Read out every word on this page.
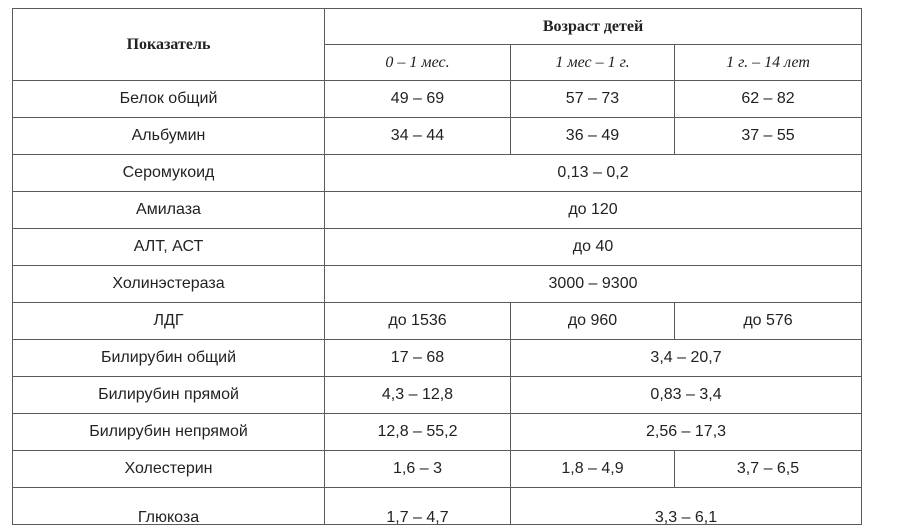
Показатель	Возраст детей		
	0 – 1 мес.	1 мес – 1 г.	1 г. – 14 лет
Белок общий	49 – 69	57 – 73	62 – 82
Альбумин	34 – 44	36 – 49	37 – 55
Серомукоид	0,13 – 0,2		
Амилаза	до 120		
АЛТ, АСТ	до 40		
Холинэстераза	3000 – 9300		
ЛДГ	до 1536	до 960	до 576
Билирубин общий	17 – 68	3,4 – 20,7	
Билирубин прямой	4,3 – 12,8	0,83 – 3,4	
Билирубин непрямой	12,8 – 55,2	2,56 – 17,3	
Холестерин	1,6 – 3	1,8 – 4,9	3,7 – 6,5
Глюкоза	1,7 – 4,7	3,3 – 6,1	
